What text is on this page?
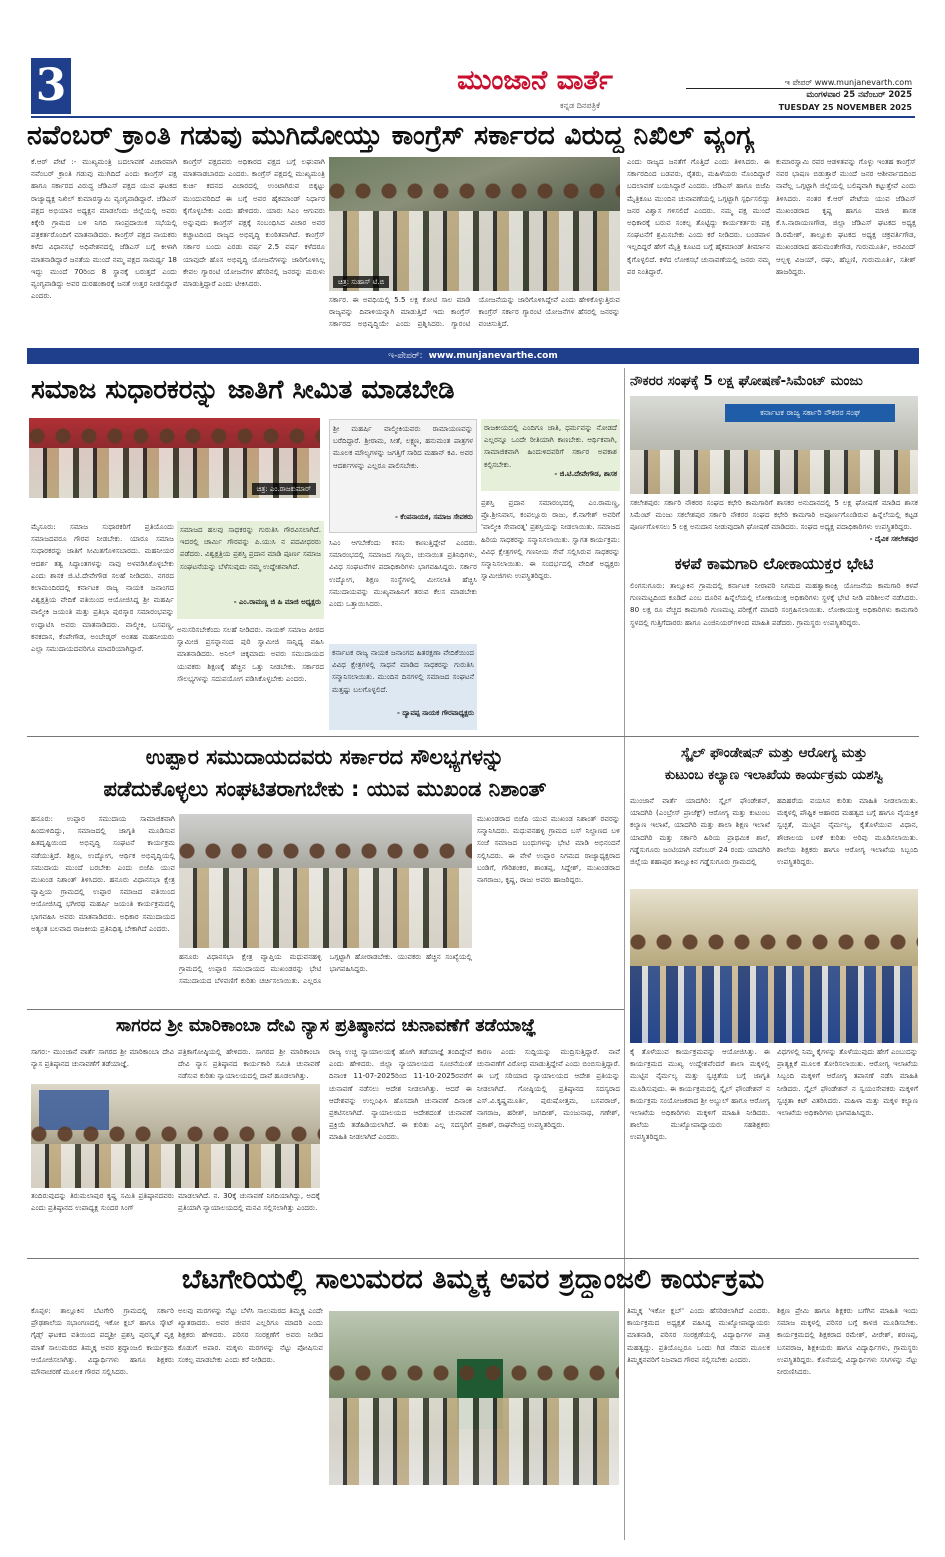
3	ಮುಂಜಾನೆ ವಾರ್ತೆ
ಕನ್ನಡ ದಿನಪತ್ರಿಕೆ
ಇ ಪೇಪರ್ www.munjanevarth.com
ಮಂಗಳವಾರ 25 ನವೆಂಬರ್ 2025
TUESDAY 25 NOVEMBER 2025
ನವೆಂಬರ್ ಕ್ರಾಂತಿ ಗಡುವು ಮುಗಿದೋಯ್ತು ಕಾಂಗ್ರೆಸ್ ಸರ್ಕಾರದ ವಿರುದ್ದ ನಿಖಿಲ್ ವ್ಯಂಗ್ಯ
ಕೆ.ಆರ್ ಪೇಟೆ :- ಮುಖ್ಯಮಂತ್ರಿ ಬದಲಾವಣೆ ವಿಚಾರವಾಗಿ ನವೆಂಬರ್ ಕ್ರಾಂತಿ ಗಡುವು ಮುಗಿದಿದೆ ಎಂದು ಕಾಂಗ್ರೆಸ್ ಪಕ್ಷ ಹಾಗೂ ಸರ್ಕಾರದ ವಿರುದ್ಧ ಜೆಡಿಎಸ್ ಪಕ್ಷದ ಯುವ ಘಟಕದ ರಾಜ್ಯಾಧ್ಯಕ್ಷ ನಿಖಿಲ್ ಕುಮಾರಸ್ವಾಮಿ ವ್ಯಂಗ್ಯವಾಡಿದ್ದಾರೆ. ಜೆಡಿಎಸ್ ಪಕ್ಷದ ಅಭಿಯಾನ ಅಧ್ಯಕ್ಷನ ಮಾಡಲೆಂದು ಜಿಲ್ಲೆಯಲ್ಲಿ ಅವರು ಕಿಕ್ಕೇರಿ ಗ್ರಾಮದ ಬಳಿ ನಿಗದಿ ಸಾಂಪ್ರದಾಯಿಕ ಸಭೆಯಲ್ಲಿ ಪತ್ರಕರ್ತರೊಂದಿಗೆ ಮಾತನಾಡಿದರು. ಕಾಂಗ್ರೆಸ್ ಪಕ್ಷದ ನಾಯಕರು ಕಳೆದ ವಿಧಾನಸಭೆ ಅಧಿವೇಶನದಲ್ಲಿ ಜೆಡಿಎಸ್ ಬಗ್ಗೆ ಕೀಳಾಗಿ ಮಾತನಾಡಿದ್ದಾರೆ ಜನತೆಯ ಮುಂದೆ ನಮ್ಮ ಪಕ್ಷದ ಸಾಮರ್ಥ್ಯ 18 ಇದ್ದು ಮುಂದೆ 70ರಿಂದ 8 ಸ್ಥಾನಕ್ಕೆ ಬರುತ್ತದೆ ಎಂದು ವ್ಯಂಗ್ಯವಾಡಿದ್ದು ಅವರ ದುರಹಂಕಾರಕ್ಕೆ ಜನತೆ ಉತ್ತರ ನೀಡಲಿದ್ದಾರೆ ಎಂದರು.
ಕಾಂಗ್ರೆಸ್ ಪಕ್ಷದವರು ಅಧಿಕಾರದ ಪಕ್ಷದ ಬಗ್ಗೆ ಲಘುವಾಗಿ ಮಾತನಾಡಬಾರದು ಎಂದರು. ಕಾಂಗ್ರೆಸ್ ಪಕ್ಷದಲ್ಲಿ ಮುಖ್ಯಮಂತ್ರಿ ಕುರ್ಚಿ ಕದನದ ವಿಚಾರದಲ್ಲಿ ಉಂಟಾಗಿರುವ ಬಿಕ್ಕಟ್ಟು ಮುಂದುವರಿದಿದೆ ಈ ಬಗ್ಗೆ ಅವರ ಹೈಕಮಾಂಡ್ ನಿರ್ಧಾರ ಕೈಗೊಳ್ಳಬೇಕು ಎಂದು ಹೇಳಿದರು. ಯಾರು ಸಿಎಂ ಆಗುವರು ಅನ್ನುವುದು ಕಾಂಗ್ರೆಸ್ ಪಕ್ಷಕ್ಕೆ ಸಂಬಂಧಿಸಿದ ವಿಚಾರ ಅವರ ಕಚ್ಚಾಟದಿಂದ ರಾಜ್ಯದ ಅಭಿವೃದ್ಧಿ ಕುಂಠಿತವಾಗಿದೆ. ಕಾಂಗ್ರೆಸ್ ಸರ್ಕಾರ ಬಂದು ಎರಡು ವರ್ಷ 2.5 ವರ್ಷ ಕಳೆದರೂ ಯಾವುದೇ ಹೊಸ ಅಭಿವೃದ್ಧಿ ಯೋಜನೆಗಳನ್ನು ಜಾರಿಗೊಳಿಸಿಲ್ಲ ಕೇವಲ ಗ್ಯಾರಂಟಿ ಯೋಜನೆಗಳ ಹೆಸರಿನಲ್ಲಿ ಜನರನ್ನು ಮರುಳು ಮಾಡುತ್ತಿದ್ದಾರೆ ಎಂದು ಟೀಕಿಸಿದರು.	ಚಿತ್ರ: ಸುಹಾಸ್ ಟಿ.ಬಿ
ಸರ್ಕಾರ. ಈ ಅವಧಿಯಲ್ಲಿ 5.5 ಲಕ್ಷ ಕೋಟಿ ಸಾಲ ಮಾಡಿ ರಾಜ್ಯವನ್ನು ದಿವಾಳಿಯನ್ನಾಗಿ ಮಾಡುತ್ತಿದೆ ಇದು ಕಾಂಗ್ರೆಸ್ ಸರ್ಕಾರದ ಅಭಿವೃದ್ಧಿಯೇ ಎಂದು ಪ್ರಶ್ನಿಸಿದರು. ಗ್ಯಾರಂಟಿ ಯೋಜನೆಯನ್ನು ಜಾರಿಗೊಳಿಸಿದ್ದೇವೆ ಎಂದು ಹೇಳಿಕೊಳ್ಳುತ್ತಿರುವ ಕಾಂಗ್ರೆಸ್ ಸರ್ಕಾರ ಗ್ಯಾರಂಟಿ ಯೋಜನೆಗಳ ಹೆಸರಲ್ಲಿ ಜನರನ್ನು ವಂಚಿಸುತ್ತಿದೆ.
ಎಂದು ರಾಜ್ಯದ ಜನತೆಗೆ ಗೊತ್ತಿದೆ ಎಂದು ತಿಳಿಸಿದರು. ಈ ಸರ್ಕಾರದಿಂದ ಬಡವರು, ರೈತರು, ಮಹಿಳೆಯರು ನೊಂದಿದ್ದಾರೆ ಬದಲಾವಣೆ ಬಯಸಿದ್ದಾರೆ ಎಂದರು. ಜೆಡಿಎಸ್ ಹಾಗೂ ಬಿಜೆಪಿ ಮೈತ್ರಿಕೂಟ ಮುಂದಿನ ಚುನಾವಣೆಯಲ್ಲಿ ಒಗ್ಗಟ್ಟಾಗಿ ಸ್ಪರ್ಧಿಸಲಿದ್ದು ಜನರ ವಿಶ್ವಾಸ ಗಳಿಸಲಿದೆ ಎಂದರು. ನಮ್ಮ ಪಕ್ಷ ಮುಂದೆ ಅಧಿಕಾರಕ್ಕೆ ಬರುವ ಸಂಕಲ್ಪ ತೊಟ್ಟಿದ್ದು ಕಾರ್ಯಕರ್ತರು ಪಕ್ಷ ಸಂಘಟನೆಗೆ ಶ್ರಮಿಸಬೇಕು ಎಂದು ಕರೆ ನೀಡಿದರು. ಬಂಡವಾಳ ಇಲ್ಲದಿದ್ದರೆ ಹೇಗೆ ಮೈತ್ರಿ ಕೂಟದ ಬಗ್ಗೆ ಹೈಕಮಾಂಡ್ ತೀರ್ಮಾನ ಕೈಗೊಳ್ಳಲಿದೆ. ಕಳೆದ ಲೋಕಸಭೆ ಚುನಾವಣೆಯಲ್ಲಿ ಜನರು ನಮ್ಮ ಪರ ನಿಂತಿದ್ದಾರೆ.
ಕುಮಾರಸ್ವಾಮಿ ರವರ ಆಡಳಿತವನ್ನು ಗೊಳ್ಳು ಇಂತಹ ಕಾಂಗ್ರೆಸ್ ನವರ ಭಾಷಣ ಬಿಡುತ್ತಾರೆ ಮುಂದೆ ಜನರ ಆಶೀರ್ವಾದದಿಂದ ನಾವೆಲ್ಲ ಒಗ್ಗಟ್ಟಾಗಿ ಜಿಲ್ಲೆಯಲ್ಲಿ ಬಲಿಷ್ಠವಾಗಿ ಕಟ್ಟುತ್ತೇವೆ ಎಂದು ತಿಳಿಸಿದರು. ನಂತರ ಕೆ.ಆರ್ ಪೇಟೆಯ ಯುವ ಜೆಡಿಎಸ್ ಮುಖಂಡರಾದ ಕೃಷ್ಣ ಹಾಗೂ ಮಾಜಿ ಶಾಸಕ ಕೆ.ಸಿ.ನಾರಾಯಣಗೌಡ, ಜಿಲ್ಲಾ ಜೆಡಿಎಸ್ ಘಟಕದ ಅಧ್ಯಕ್ಷ ಡಿ.ರಮೇಶ್, ತಾಲ್ಲೂಕು ಘಟಕದ ಅಧ್ಯಕ್ಷ ಚಕ್ರವರ್ತಿಗೌಡ, ಮುಖಂಡರಾದ ಹನುಮಂತೇಗೌಡ, ಗುರುಮೂರ್ತಿ, ಅರವಿಂದ್ ಆಲ್ಬಳ್ಳಿ ವಿಜಯ್, ರಘು, ಹೆಬ್ಬಣಿ, ಗುರುಮೂರ್ತಿ, ಸತೀಶ್ ಹಾಜರಿದ್ದರು.
ಇ-ಪೇಪರ್: www.munjanevarthe.com
ಸಮಾಜ ಸುಧಾರಕರನ್ನು ಜಾತಿಗೆ ಸೀಮಿತ ಮಾಡಬೇಡಿ
ಚಿತ್ರ: ಎಂ.ರಾಜಕುಮಾರ್
ಮೈಸೂರು: ಸಮಾಜ ಸುಧಾರಕರಿಗೆ ಪ್ರತಿಯೊಂದು ಸಮಾಜದವರೂ ಗೌರವ ನೀಡಬೇಕು. ಯಾರೂ ಸಮಾಜ ಸುಧಾರಕರನ್ನು ಜಾತಿಗೆ ಸೀಮಿತಗೊಳಿಸಬಾರದು. ಮಹನೀಯರ ಆದರ್ಶ ತತ್ವ ಸಿದ್ಧಾಂತಗಳನ್ನು ನಾವು ಅಳವಡಿಸಿಕೊಳ್ಳಬೇಕು ಎಂದು ಶಾಸಕ ಜಿ.ಟಿ.ದೇವೇಗೌಡ ಸಲಹೆ ನೀಡಿದರು. ನಗರದ ಕಲಾಮಂದಿರದಲ್ಲಿ ಕರ್ನಾಟಕ ರಾಜ್ಯ ನಾಯಕ ಜನಾಂಗದ ವಿಶ್ವಕ್ಷತ್ರಿಯ ವೇದಿಕೆ ವತಿಯಿಂದ ಆಯೋಜಿಸಿದ್ದ ಶ್ರೀ ಮಹರ್ಷಿ ವಾಲ್ಮೀಕಿ ಜಯಂತಿ ಮತ್ತು ಪ್ರತಿಭಾ ಪುರಸ್ಕಾರ ಸಮಾರಂಭವನ್ನು ಉದ್ಘಾಟಿಸಿ ಅವರು ಮಾತನಾಡಿದರು. ವಾಲ್ಮೀಕಿ, ಬಸವಣ್ಣ, ಕನಕದಾಸ, ಕೆಂಪೇಗೌಡ, ಅಂಬೇಡ್ಕರ್ ಅಂತಹ ಮಹನೀಯರು ಎಲ್ಲಾ ಸಮುದಾಯದವರಿಗೂ ಮಾದರಿಯಾಗಿದ್ದಾರೆ.
ಸಮಾಜದ ಹಲವು ಸಾಧಕರನ್ನು ಗುರುತಿಸಿ ಗೌರವಿಸಲಾಗಿದೆ. ಇದರಲ್ಲಿ ಚಾರ್ಮಿ ಗೌರವನ್ನು ಪಿ.ಯುಸಿ ನ ಪದವೀಧರರು ಪಡೆದರು. ವಿಶ್ವಕ್ಷತ್ರಿಯ ಪ್ರಶಸ್ತಿ ಪ್ರದಾನ ಮಾಡಿ ಪೂರ್ಣ ಸಮಾಜ ಸಂಘಟನೆಯನ್ನು ಬೆಳೆಸುವುದು ನಮ್ಮ ಉದ್ದೇಶವಾಗಿದೆ.
- ಎಂ.ರಾಮಣ್ಣ ಜಿ ಹಿ ಮಾಜಿ ಅಧ್ಯಕ್ಷರು
ಅನುಸರಿಸಬೇಕೆಂದು ಸಲಹೆ ನೀಡಿದರು. ನಾಯಕ್ ಸಮಾಜ ಪೀಠದ ಸ್ವಾಮೀಜಿ ಪ್ರಸನ್ನಾನಂದ ಪುರಿ ಸ್ವಾಮೀಜಿ ಸಾನ್ನಿಧ್ಯ ವಹಿಸಿ ಮಾತನಾಡಿದರು. ಅನಿಲ್ ಚಿಕ್ಕಮಾದು ಅವರು ಸಮುದಾಯದ ಯುವಕರು ಶಿಕ್ಷಣಕ್ಕೆ ಹೆಚ್ಚಿನ ಒತ್ತು ನೀಡಬೇಕು. ಸರ್ಕಾರದ ಸೌಲಭ್ಯಗಳನ್ನು ಸದುಪಯೋಗ ಪಡಿಸಿಕೊಳ್ಳಬೇಕು ಎಂದರು.
ಶ್ರೀ ಮಹರ್ಷಿ ವಾಲ್ಮೀಕಿಯವರು ರಾಮಾಯಣವನ್ನು ಬರೆದಿದ್ದಾರೆ. ಶ್ರೀರಾಮ, ಸೀತೆ, ಲಕ್ಷ್ಮಣ, ಹನುಮಂತ ಪಾತ್ರಗಳ ಮೂಲಕ ಮೌಲ್ಯಗಳನ್ನು ಜಗತ್ತಿಗೆ ಸಾರಿದ ಮಹಾನ್ ಕವಿ. ಅವರ ಆದರ್ಶಗಳನ್ನು ಎಲ್ಲರೂ ಪಾಲಿಸಬೇಕು.
- ಕೆಂಪನಾಯಕ, ಸಮಾಜ ಸೇವಕರು
ಸಿಎಂ ಆಗಬೇಕೆಂದು ಕನಸು ಕಾಣುತ್ತಿದ್ದೇವೆ ಎಂದರು. ಸಮಾರಂಭದಲ್ಲಿ ಸಮಾಜದ ಗಣ್ಯರು, ಚುನಾಯಿತ ಪ್ರತಿನಿಧಿಗಳು, ವಿವಿಧ ಸಂಘಟನೆಗಳ ಪದಾಧಿಕಾರಿಗಳು ಭಾಗವಹಿಸಿದ್ದರು. ಸರ್ಕಾರ ಉದ್ಯೋಗ, ಶಿಕ್ಷಣ ಸಂಸ್ಥೆಗಳಲ್ಲಿ ಮೀಸಲಾತಿ ಹೆಚ್ಚಿಸಿ ಸಮುದಾಯವನ್ನು ಮುಖ್ಯವಾಹಿನಿಗೆ ತರುವ ಕೆಲಸ ಮಾಡಬೇಕು ಎಂದು ಒತ್ತಾಯಿಸಿದರು.
ಕರ್ನಾಟಕ ರಾಜ್ಯ ನಾಯಕ ಜನಾಂಗದ ಹಿತರಕ್ಷಣಾ ವೇದಿಕೆಯಿಂದ ವಿವಿಧ ಕ್ಷೇತ್ರಗಳಲ್ಲಿ ಸಾಧನೆ ಮಾಡಿದ ಸಾಧಕರನ್ನು ಗುರುತಿಸಿ ಸನ್ಮಾನಿಸಲಾಯಿತು. ಮುಂದಿನ ದಿನಗಳಲ್ಲಿ ಸಮಾಜದ ಸಂಘಟನೆ ಮತ್ತಷ್ಟು ಬಲಗೊಳ್ಳಲಿದೆ.
- ದ್ಯಾವಪ್ಪ ನಾಯಕ ಗೌರವಾಧ್ಯಕ್ಷರು
ರಾಜಕೀಯದಲ್ಲಿ ಎಂದಿಗೂ ಜಾತಿ, ಧರ್ಮವನ್ನು ನೋಡದೆ ಎಲ್ಲರನ್ನೂ ಒಂದೇ ರೀತಿಯಾಗಿ ಕಾಣಬೇಕು. ಆರ್ಥಿಕವಾಗಿ, ಸಾಮಾಜಿಕವಾಗಿ ಹಿಂದುಳಿದವರಿಗೆ ಸರ್ಕಾರ ಅವಕಾಶ ಕಲ್ಪಿಸಬೇಕು.
- ಜಿ.ಟಿ.ದೇವೇಗೌಡ, ಶಾಸಕ
ಪ್ರಶಸ್ತಿ ಪ್ರದಾನ ಸಮಾರಂಭದಲ್ಲಿ ಎಂ.ರಾಮಣ್ಣ, ಪ್ರೊ.ಶ್ರೀನಿವಾಸ, ಕಂಪಲ್ಲೂರು ರಾಜು, ಕೆ.ನಾಗೇಶ್ ಅವರಿಗೆ 'ವಾಲ್ಮೀಕಿ ಸೇವಾರತ್ನ' ಪ್ರಶಸ್ತಿಯನ್ನು ನೀಡಲಾಯಿತು. ಸಮಾಜದ ಹಿರಿಯ ಸಾಧಕರನ್ನು ಸನ್ಮಾನಿಸಲಾಯಿತು. ಸ್ವಾಗತ ಕಾರ್ಯಕ್ರಮ: ವಿವಿಧ ಕ್ಷೇತ್ರಗಳಲ್ಲಿ ಗಣನೀಯ ಸೇವೆ ಸಲ್ಲಿಸಿರುವ ಸಾಧಕರನ್ನು ಸನ್ಮಾನಿಸಲಾಯಿತು. ಈ ಸಂದರ್ಭದಲ್ಲಿ ವೇದಿಕೆ ಅಧ್ಯಕ್ಷರು ಸ್ವಾಮೀಜಿಗಳು ಉಪಸ್ಥಿತರಿದ್ದರು.
ನೌಕರರ ಸಂಘಕ್ಕೆ 5 ಲಕ್ಷ ಘೋಷಣೆ-ಸಿಮೆಂಟ್ ಮಂಜು
ಕರ್ನಾಟಕ ರಾಜ್ಯ ಸರ್ಕಾರಿ ನೌಕರರ ಸಂಘ
ಸಕಲೇಶಪುರ: ಸರ್ಕಾರಿ ನೌಕರರ ಸಂಘದ ಕಛೇರಿ ಕಾಮಗಾರಿಗೆ ಶಾಸಕರ ಅನುದಾನದಲ್ಲಿ 5 ಲಕ್ಷ ಘೋಷಣೆ ಮಾಡಿದ ಶಾಸಕ ಸಿಮೆಂಟ್ ಮಂಜು ಸಕಲೇಶಪುರ ಸರ್ಕಾರಿ ನೌಕರರ ಸಂಘದ ಕಛೇರಿ ಕಾಮಗಾರಿ ಅಪೂರ್ಣಗೊಂಡಿರುವ ಹಿನ್ನೆಲೆಯಲ್ಲಿ ಕಟ್ಟಡ ಪೂರ್ಣಗೊಳಿಸಲು 5 ಲಕ್ಷ ಅನುದಾನ ನೀಡುವುದಾಗಿ ಘೋಷಣೆ ಮಾಡಿದರು. ಸಂಘದ ಅಧ್ಯಕ್ಷ ಪದಾಧಿಕಾರಿಗಳು ಉಪಸ್ಥಿತರಿದ್ದರು.
- ದೈವಿಕ ಸಕಲೇಶಪುರ
ಕಳಪೆ ಕಾಮಗಾರಿ ಲೋಕಾಯುಕ್ತರ ಭೇಟಿ
ಲಿಂಗಸುಗೂರು: ತಾಲ್ಲೂಕಿನ ಗ್ರಾಮದಲ್ಲಿ ಕರ್ನಾಟಕ ನೀರಾವರಿ ನಿಗಮದ ಮಹತ್ವಾಕಾಂಕ್ಷಿ ಯೋಜನೆಯ ಕಾಮಗಾರಿ ಕಳಪೆ ಗುಣಮಟ್ಟದಿಂದ ಕೂಡಿದೆ ಎಂಬ ದೂರಿನ ಹಿನ್ನೆಲೆಯಲ್ಲಿ ಲೋಕಾಯುಕ್ತ ಅಧಿಕಾರಿಗಳು ಸ್ಥಳಕ್ಕೆ ಭೇಟಿ ನೀಡಿ ಪರಿಶೀಲನೆ ನಡೆಸಿದರು. 80 ಲಕ್ಷ ರೂ ವೆಚ್ಚದ ಕಾಮಗಾರಿ ಗುಣಮಟ್ಟ ಪರೀಕ್ಷೆಗೆ ಮಾದರಿ ಸಂಗ್ರಹಿಸಲಾಯಿತು. ಲೋಕಾಯುಕ್ತ ಅಧಿಕಾರಿಗಳು ಕಾಮಗಾರಿ ಸ್ಥಳದಲ್ಲಿ ಗುತ್ತಿಗೆದಾರರು ಹಾಗೂ ಎಂಜಿನಿಯರ್‌ಗಳಿಂದ ಮಾಹಿತಿ ಪಡೆದರು. ಗ್ರಾಮಸ್ಥರು ಉಪಸ್ಥಿತರಿದ್ದರು.
ಉಪ್ಪಾರ ಸಮುದಾಯದವರು ಸರ್ಕಾರದ ಸೌಲಭ್ಯಗಳನ್ನು
ಪಡೆದುಕೊಳ್ಳಲು ಸಂಘಟಿತರಾಗಬೇಕು : ಯುವ ಮುಖಂಡ ನಿಶಾಂತ್
ಹನೂರು: ಉಪ್ಪಾರ ಸಮುದಾಯ ಸಾಮಾಜಿಕವಾಗಿ ಹಿಂದುಳಿದಿದ್ದು, ಸಮಾಜದಲ್ಲಿ ಜಾಗೃತಿ ಮೂಡಿಸುವ ಹಿತದೃಷ್ಟಿಯಿಂದ ಅಭಿವೃದ್ಧಿ ಸಂಘಟನೆ ಕಾರ್ಯಕ್ರಮ ನಡೆಯುತ್ತಿದೆ. ಶಿಕ್ಷಣ, ಉದ್ಯೋಗ, ಆರ್ಥಿಕ ಅಭಿವೃದ್ಧಿಯಲ್ಲಿ ಸಮುದಾಯ ಮುಂದೆ ಬರಬೇಕು ಎಂದು ಬಿಜೆಪಿ ಯುವ ಮುಖಂಡ ನಿಶಾಂತ್ ತಿಳಿಸಿದರು. ಹನೂರು ವಿಧಾನಸಭಾ ಕ್ಷೇತ್ರ ವ್ಯಾಪ್ತಿಯ ಗ್ರಾಮದಲ್ಲಿ ಉಪ್ಪಾರ ಸಮಾಜದ ವತಿಯಿಂದ ಆಯೋಜಿಸಿದ್ದ ಭಗೀರಥ ಮಹರ್ಷಿ ಜಯಂತಿ ಕಾರ್ಯಕ್ರಮದಲ್ಲಿ ಭಾಗವಹಿಸಿ ಅವರು ಮಾತನಾಡಿದರು. ಅಧಿಕಾರ ಸಮುದಾಯದ ಅತ್ಯಂತ ಬಲವಾದ ರಾಜಕೀಯ ಪ್ರತಿನಿಧಿತ್ವ ಬೇಕಾಗಿದೆ ಎಂದರು.
ಹನೂರು ವಿಧಾನಸಭಾ ಕ್ಷೇತ್ರ ವ್ಯಾಪ್ತಿಯ ಮಧುವನಹಳ್ಳಿ ಗ್ರಾಮದಲ್ಲಿ ಉಪ್ಪಾರ ಸಮುದಾಯದ ಮುಖಂಡರನ್ನು ಭೇಟಿ ಸಮುದಾಯದ ಬೆಳವಣಿಗೆ ಕುರಿತು ಚರ್ಚಿಸಲಾಯಿತು. ಎಲ್ಲರೂ ಒಗ್ಗಟ್ಟಾಗಿ ಹೋರಾಡಬೇಕು. ಯುವಕರು ಹೆಚ್ಚಿನ ಸಂಖ್ಯೆಯಲ್ಲಿ ಭಾಗವಹಿಸಿದ್ದರು.
ಮುಖಂಡರಾದ ಬಿಜೆಪಿ ಯುವ ಮುಖಂಡ ನಿಶಾಂತ್ ರವರನ್ನು ಸನ್ಮಾನಿಸಿದರು. ಮಧುವನಹಳ್ಳಿ ಗ್ರಾಮದ ಬಸ್ ನಿಲ್ದಾಣದ ಬಳಿ ಸಂಜೆ ಸಮಾಜದ ಬಂಧುಗಳನ್ನು ಭೇಟಿ ಮಾಡಿ ಅಭಿನಂದನೆ ಸಲ್ಲಿಸಿದರು. ಈ ವೇಳೆ ಉಪ್ಪಾರ ನಿಗಮದ ರಾಜ್ಯಾಧ್ಯಕ್ಷರಾದ ಬಂಡಿಗೆ, ಗೌರಿಶಂಕರ, ಶಾಂತಪ್ಪ, ಸಿದ್ದೇಶ್, ಮುಖಂಡರಾದ ನಾಗರಾಜು, ಕೃಷ್ಣ, ರಾಜು ಅವರು ಹಾಜರಿದ್ದರು.
ಸ್ಕೈಲ್ ಫೌಂಡೇಷನ್ ಮತ್ತು ಆರೋಗ್ಯ ಮತ್ತು
ಕುಟುಂಬ ಕಲ್ಯಾಣ ಇಲಾಖೆಯ ಕಾರ್ಯಕ್ರಮ ಯಶಸ್ವಿ
ಮುಂಜಾನೆ ವಾರ್ತೆ ಯಾದಗಿರಿ: ಸ್ಕೈಲ್ ಫೌಂಡೇಶನ್, ಯಾದಗಿರಿ (ಎಂಬ್ರೇಸ್ ಪ್ರಾಜೆಕ್ಟ್) ಆರೋಗ್ಯ ಮತ್ತು ಕುಟುಂಬ ಕಲ್ಯಾಣ ಇಲಾಖೆ, ಯಾದಗಿರಿ ಮತ್ತು ಶಾಲಾ ಶಿಕ್ಷಣ ಇಲಾಖೆ ಯಾದಗಿರಿ ಮತ್ತು ಸರ್ಕಾರಿ ಹಿರಿಯ ಪ್ರಾಥಮಿಕ ಶಾಲೆ, ಗಡ್ಡೆಸುಗೂರು ಜಂಟಿಯಾಗಿ ನವೆಂಬರ್ 24 ರಂದು ಯಾದಗಿರಿ ಜಿಲ್ಲೆಯ ಶಹಾಪುರ ತಾಲ್ಲೂಕಿನ ಗಡ್ಡೆಸುಗೂರು ಗ್ರಾಮದಲ್ಲಿ
ಹದಿಹರೆಯ ವಯಸಿನ ಕುರಿತು ಮಾಹಿತಿ ನೀಡಲಾಯಿತು. ಮಕ್ಕಳಲ್ಲಿ ಪೌಷ್ಟಿಕ ಆಹಾರದ ಮಹತ್ವದ ಬಗ್ಗೆ ಹಾಗೂ ವೈಯಕ್ತಿಕ ಸ್ವಚ್ಛತೆ, ಮುಟ್ಟಿನ ನೈರ್ಮಲ್ಯ, ಕೈತೊಳೆಯುವ ವಿಧಾನ, ಶೌಚಾಲಯ ಬಳಕೆ ಕುರಿತು ಅರಿವು ಮೂಡಿಸಲಾಯಿತು. ಶಾಲೆಯ ಶಿಕ್ಷಕರು ಹಾಗೂ ಆರೋಗ್ಯ ಇಲಾಖೆಯ ಸಿಬ್ಬಂದಿ ಉಪಸ್ಥಿತರಿದ್ದರು.
ಕೈ ತೊಳೆಯುವ ಕಾರ್ಯಕ್ರಮವನ್ನು ಆಯೋಜಿಸಿತ್ತು. ಈ ಕಾರ್ಯಕ್ರಮದ ಮುಖ್ಯ ಉದ್ದೇಶವೆಂದರೆ ಶಾಲಾ ಮಕ್ಕಳಲ್ಲಿ ಮುಟ್ಟಿನ ನೈರ್ಮಲ್ಯ ಮತ್ತು ಸ್ವಚ್ಛತೆಯ ಬಗ್ಗೆ ಜಾಗೃತಿ ಮೂಡಿಸುವುದು. ಈ ಕಾರ್ಯಕ್ರಮದಲ್ಲಿ ಸ್ಕೈಲ್ ಫೌಂಡೇಶನ್ ನ ಕಾರ್ಯಕ್ರಮ ಸಂಯೋಜಕರಾದ ಶ್ರೀ ಅಬ್ದುಲ್ ಹಾಗೂ ಆರೋಗ್ಯ ಇಲಾಖೆಯ ಅಧಿಕಾರಿಗಳು ಮಕ್ಕಳಿಗೆ ಮಾಹಿತಿ ನೀಡಿದರು. ಶಾಲೆಯ ಮುಖ್ಯೋಪಾಧ್ಯಾಯರು ಸಹಶಿಕ್ಷಕರು ಉಪಸ್ಥಿತರಿದ್ದರು.
ವಿಧಗಳಲ್ಲಿ ನಿಮ್ಮ ಕೈಗಳನ್ನು ತೊಳೆಯುವುದು ಹೇಗೆ ಎಂಬುದನ್ನು ಪ್ರಾತ್ಯಕ್ಷಿಕೆ ಮೂಲಕ ತೋರಿಸಲಾಯಿತು. ಆರೋಗ್ಯ ಇಲಾಖೆಯ ಸಿಬ್ಬಂದಿ ಮಕ್ಕಳಿಗೆ ಆರೋಗ್ಯ ತಪಾಸಣೆ ನಡೆಸಿ ಮಾಹಿತಿ ನೀಡಿದರು. ಸ್ಕೈಲ್ ಫೌಂಡೇಶನ್ ನ ಸ್ವಯಂಸೇವಕರು ಮಕ್ಕಳಿಗೆ ಸ್ವಚ್ಛತಾ ಕಿಟ್ ವಿತರಿಸಿದರು. ಮಹಿಳಾ ಮತ್ತು ಮಕ್ಕಳ ಕಲ್ಯಾಣ ಇಲಾಖೆಯ ಅಧಿಕಾರಿಗಳು ಭಾಗವಹಿಸಿದ್ದರು.
ಸಾಗರದ ಶ್ರೀ ಮಾರಿಕಾಂಬಾ ದೇವಿ ನ್ಯಾಸ ಪ್ರತಿಷ್ಠಾನದ ಚುನಾವಣೆಗೆ ತಡೆಯಾಜ್ಞೆ
ಸಾಗರ:- ಮುಂಜಾನೆ ವಾರ್ತೆ ಸಾಗರದ ಶ್ರೀ ಮಾರಿಕಾಂಬಾ ದೇವಿ ನ್ಯಾಸ ಪ್ರತಿಷ್ಠಾನದ ಚುನಾವಣೆಗೆ ತಡೆಯಾಜ್ಞೆ.
ಪತ್ರಿಕಾಗೋಷ್ಠಿಯಲ್ಲಿ ಹೇಳಿದರು. ಸಾಗರದ ಶ್ರೀ ಮಾರಿಕಾಂಬಾ ದೇವಿ ನ್ಯಾಸ ಪ್ರತಿಷ್ಠಾನದ ಕಾರ್ಯಕಾರಿ ಸಮಿತಿ ಚುನಾವಣೆ ನಡೆಸುವ ಕುರಿತು ನ್ಯಾಯಾಲಯದಲ್ಲಿ ದಾವೆ ಹೂಡಲಾಗಿತ್ತು.
ತಂದಿರುವುದನ್ನು ತಿರುಮಲಾಪುರ ಕೃಷ್ಣ ಸಮಿತಿ ಪ್ರತಿಷ್ಠಾನದವರು ಎಂದು ಪ್ರತಿಷ್ಠಾನದ ಉಪಾಧ್ಯಕ್ಷ ಸುಂದರ ಸಿಂಗ್
ಮಾಡಲಾಗಿದೆ. ನ. 30ಕ್ಕೆ ಚುನಾವಣೆ ನಿಗದಿಯಾಗಿದ್ದು, ಅದಕ್ಕೆ ಪ್ರತಿಯಾಗಿ ನ್ಯಾಯಾಲಯದಲ್ಲಿ ಮನವಿ ಸಲ್ಲಿಸಲಾಗಿತ್ತು ಎಂದರು.
ರಾಜ್ಯ ಉಚ್ಚ ನ್ಯಾಯಾಲಯಕ್ಕೆ ಹೋಗಿ ತಡೆಯಾಜ್ಞೆ ತಂದಿದ್ದೇವೆ ಎಂದು ಹೇಳಿದರು. ಜಿಲ್ಲಾ ನ್ಯಾಯಾಲಯದ ಸೂಚನೆಯಂತೆ ದಿನಾಂಕ 11-07-2025ರಿಂದ 11-10-2025ರವರೆಗೆ ಚುನಾವಣೆ ನಡೆಸಲು ಆದೇಶ ನೀಡಲಾಗಿತ್ತು. ಆದರೆ ಈ ಆದೇಶವನ್ನು ಉಲ್ಲಂಘಿಸಿ ಹೊಸದಾಗಿ ಚುನಾವಣೆ ದಿನಾಂಕ ಪ್ರಕಟಿಸಲಾಗಿದೆ. ನ್ಯಾಯಾಲಯದ ಆದೇಶದಂತೆ ಚುನಾವಣೆ ಪ್ರಕ್ರಿಯೆ ತಡೆಹಿಡಿಯಲಾಗಿದೆ. ಈ ಕುರಿತು ಎಲ್ಲ ಸದಸ್ಯರಿಗೆ ಮಾಹಿತಿ ನೀಡಲಾಗಿದೆ ಎಂದರು.
ಕಾರಣ ಎಂದು ಸುದ್ದಿಯನ್ನು ಮುದ್ರಿಸುತ್ತಿದ್ದಾರೆ. ನಾವೆ ಚುನಾವಣೆಗೆ ವಿರೋಧ ಮಾಡುತ್ತಿದ್ದೇವೆ ಎಂದು ಬಿಂಬಿಸುತ್ತಿದ್ದಾರೆ. ಈ ಬಗ್ಗೆ ಸರಿಯಾದ ನ್ಯಾಯಾಲಯದ ಆದೇಶ ಪ್ರತಿಯನ್ನು ನೀಡಲಾಗಿದೆ. ಗೋಷ್ಠಿಯಲ್ಲಿ ಪ್ರತಿಷ್ಠಾನದ ಸದಸ್ಯರಾದ ಎಸ್.ವಿ.ಕೃಷ್ಣಮೂರ್ತಿ, ಪುರುಷೋತ್ತಮ, ಬಸವರಾಜ್, ನಾಗರಾಜ, ಹರೀಶ್, ಜಗದೀಶ್, ಮಂಜುನಾಥ, ಗಣೇಶ್, ಪ್ರಕಾಶ್, ರಾಘವೇಂದ್ರ ಉಪಸ್ಥಿತರಿದ್ದರು.
ಬೆಟಗೇರಿಯಲ್ಲಿ ಸಾಲುಮರದ ತಿಮ್ಮಕ್ಕ ಅವರ ಶ್ರದ್ಧಾಂಜಲಿ ಕಾರ್ಯಕ್ರಮ
ಕೊಪ್ಪಳ: ತಾಲ್ಲೂಕಿನ ಬೆಟಗೇರಿ ಗ್ರಾಮದಲ್ಲಿ ಸರ್ಕಾರಿ ಪ್ರೌಢಶಾಲೆಯ ಸಭಾಂಗಣದಲ್ಲಿ ಇಕೋ ಕ್ಲಬ್ ಹಾಗೂ ಸ್ಕೌಟ್ ಗೈಡ್ಸ್ ಘಟಕದ ವತಿಯಿಂದ ಪದ್ಮಶ್ರೀ ಪ್ರಶಸ್ತಿ ಪುರಸ್ಕೃತೆ ವೃಕ್ಷ ಮಾತೆ ಸಾಲುಮರದ ತಿಮ್ಮಕ್ಕ ಅವರ ಶ್ರದ್ಧಾಂಜಲಿ ಕಾರ್ಯಕ್ರಮ ಆಯೋಜಿಸಲಾಗಿತ್ತು. ವಿದ್ಯಾರ್ಥಿಗಳು ಹಾಗೂ ಶಿಕ್ಷಕರು ಮೌನಾಚರಣೆ ಮೂಲಕ ಗೌರವ ಸಲ್ಲಿಸಿದರು.
ಅಲವು ಮರಗಳನ್ನು ನೆಟ್ಟು ಬೆಳೆಸಿ ಸಾಲುಮರದ ತಿಮ್ಮಕ್ಕ ಎಂದೇ ಖ್ಯಾತರಾದರು. ಅವರ ಜೀವನ ಎಲ್ಲರಿಗೂ ಮಾದರಿ ಎಂದು ಶಿಕ್ಷಕರು ಹೇಳಿದರು. ಪರಿಸರ ಸಂರಕ್ಷಣೆಗೆ ಅವರು ನೀಡಿದ ಕೊಡುಗೆ ಅಪಾರ. ಮಕ್ಕಳು ಮರಗಳನ್ನು ನೆಟ್ಟು ಪೋಷಿಸುವ ಸಂಕಲ್ಪ ಮಾಡಬೇಕು ಎಂದು ಕರೆ ನೀಡಿದರು.
ತಿಮ್ಮಕ್ಕ 'ಇಕೋ ಕ್ಲಬ್' ಎಂದು ಹೆಸರಿಡಲಾಗಿದೆ ಎಂದರು. ಕಾರ್ಯಕ್ರಮದ ಅಧ್ಯಕ್ಷತೆ ವಹಿಸಿದ್ದ ಮುಖ್ಯೋಪಾಧ್ಯಾಯರು ಮಾತನಾಡಿ, ಪರಿಸರ ಸಂರಕ್ಷಣೆಯಲ್ಲಿ ವಿದ್ಯಾರ್ಥಿಗಳ ಪಾತ್ರ ಮಹತ್ವದ್ದು. ಪ್ರತಿಯೊಬ್ಬರೂ ಒಂದು ಗಿಡ ನೆಡುವ ಮೂಲಕ ತಿಮ್ಮಕ್ಕನವರಿಗೆ ನಿಜವಾದ ಗೌರವ ಸಲ್ಲಿಸಬೇಕು ಎಂದರು.
ಶಿಕ್ಷಣ ಪ್ರೇಮಿ ಹಾಗೂ ಶಿಕ್ಷಕರು ಬಗೆಗಿನ ಮಾಹಿತಿ ಇಂದು ಸಮಾಜ ಮಕ್ಕಳಲ್ಲಿ ಪರಿಸರ ಬಗ್ಗೆ ಕಾಳಜಿ ಮೂಡಿಸಬೇಕು. ಕಾರ್ಯಕ್ರಮದಲ್ಲಿ ಶಿಕ್ಷಕರಾದ ರಮೇಶ್, ವೀರೇಶ್, ಶರಣಪ್ಪ, ಬಸವರಾಜ, ಶಿಕ್ಷಕಿಯರು ಹಾಗೂ ವಿದ್ಯಾರ್ಥಿಗಳು, ಗ್ರಾಮಸ್ಥರು ಉಪಸ್ಥಿತರಿದ್ದರು. ಕೊನೆಯಲ್ಲಿ ವಿದ್ಯಾರ್ಥಿಗಳು ಸಸಿಗಳನ್ನು ನೆಟ್ಟು ನೀರುಣಿಸಿದರು.
